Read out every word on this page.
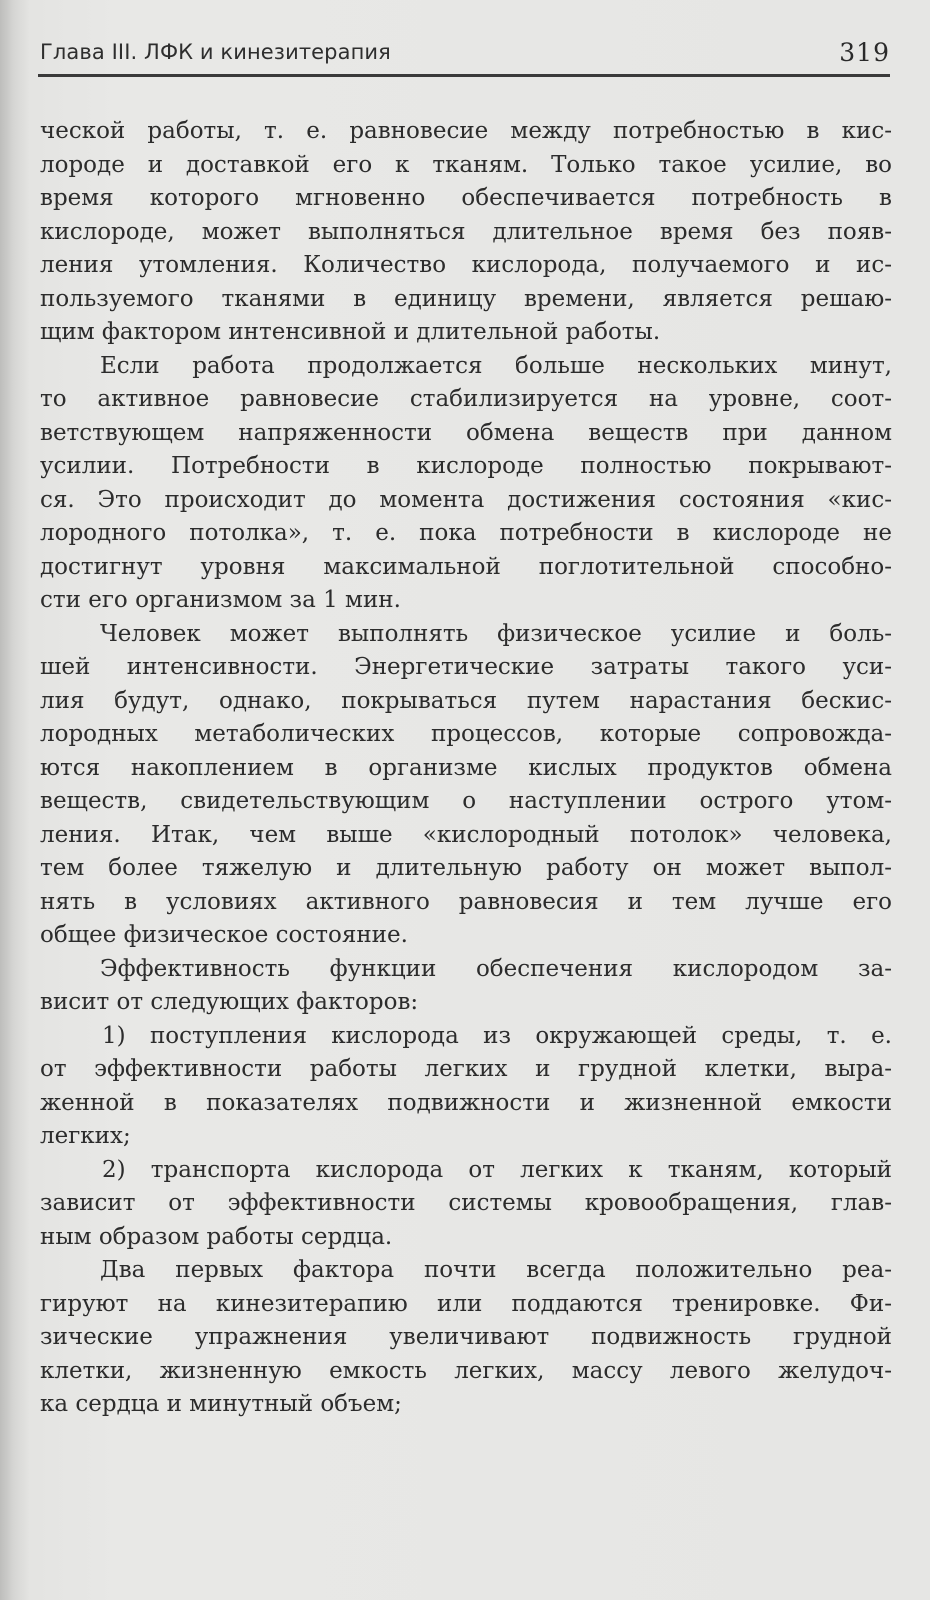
Глава III. ЛФК и кинезитерапия	319
ческой работы, т. е. равновесие между потребностью в кис-
лороде и доставкой его к тканям. Только такое усилие, во
время которого мгновенно обеспечивается потребность в
кислороде, может выполняться длительное время без появ-
ления утомления. Количество кислорода, получаемого и ис-
пользуемого тканями в единицу времени, является решаю-
щим фактором интенсивной и длительной работы.
Если работа продолжается больше нескольких минут,
то активное равновесие стабилизируется на уровне, соот-
ветствующем напряженности обмена веществ при данном
усилии. Потребности в кислороде полностью покрывают-
ся. Это происходит до момента достижения состояния «кис-
лородного потолка», т. е. пока потребности в кислороде не
достигнут уровня максимальной поглотительной способно-
сти его организмом за 1 мин.
Человек может выполнять физическое усилие и боль-
шей интенсивности. Энергетические затраты такого уси-
лия будут, однако, покрываться путем нарастания бескис-
лородных метаболических процессов, которые сопровожда-
ются накоплением в организме кислых продуктов обмена
веществ, свидетельствующим о наступлении острого утом-
ления. Итак, чем выше «кислородный потолок» человека,
тем более тяжелую и длительную работу он может выпол-
нять в условиях активного равновесия и тем лучше его
общее физическое состояние.
Эффективность функции обеспечения кислородом за-
висит от следующих факторов:
1) поступления кислорода из окружающей среды, т. е.
от эффективности работы легких и грудной клетки, выра-
женной в показателях подвижности и жизненной емкости
легких;
2) транспорта кислорода от легких к тканям, который
зависит от эффективности системы кровообращения, глав-
ным образом работы сердца.
Два первых фактора почти всегда положительно реа-
гируют на кинезитерапию или поддаются тренировке. Фи-
зические упражнения увеличивают подвижность грудной
клетки, жизненную емкость легких, массу левого желудоч-
ка сердца и минутный объем;
